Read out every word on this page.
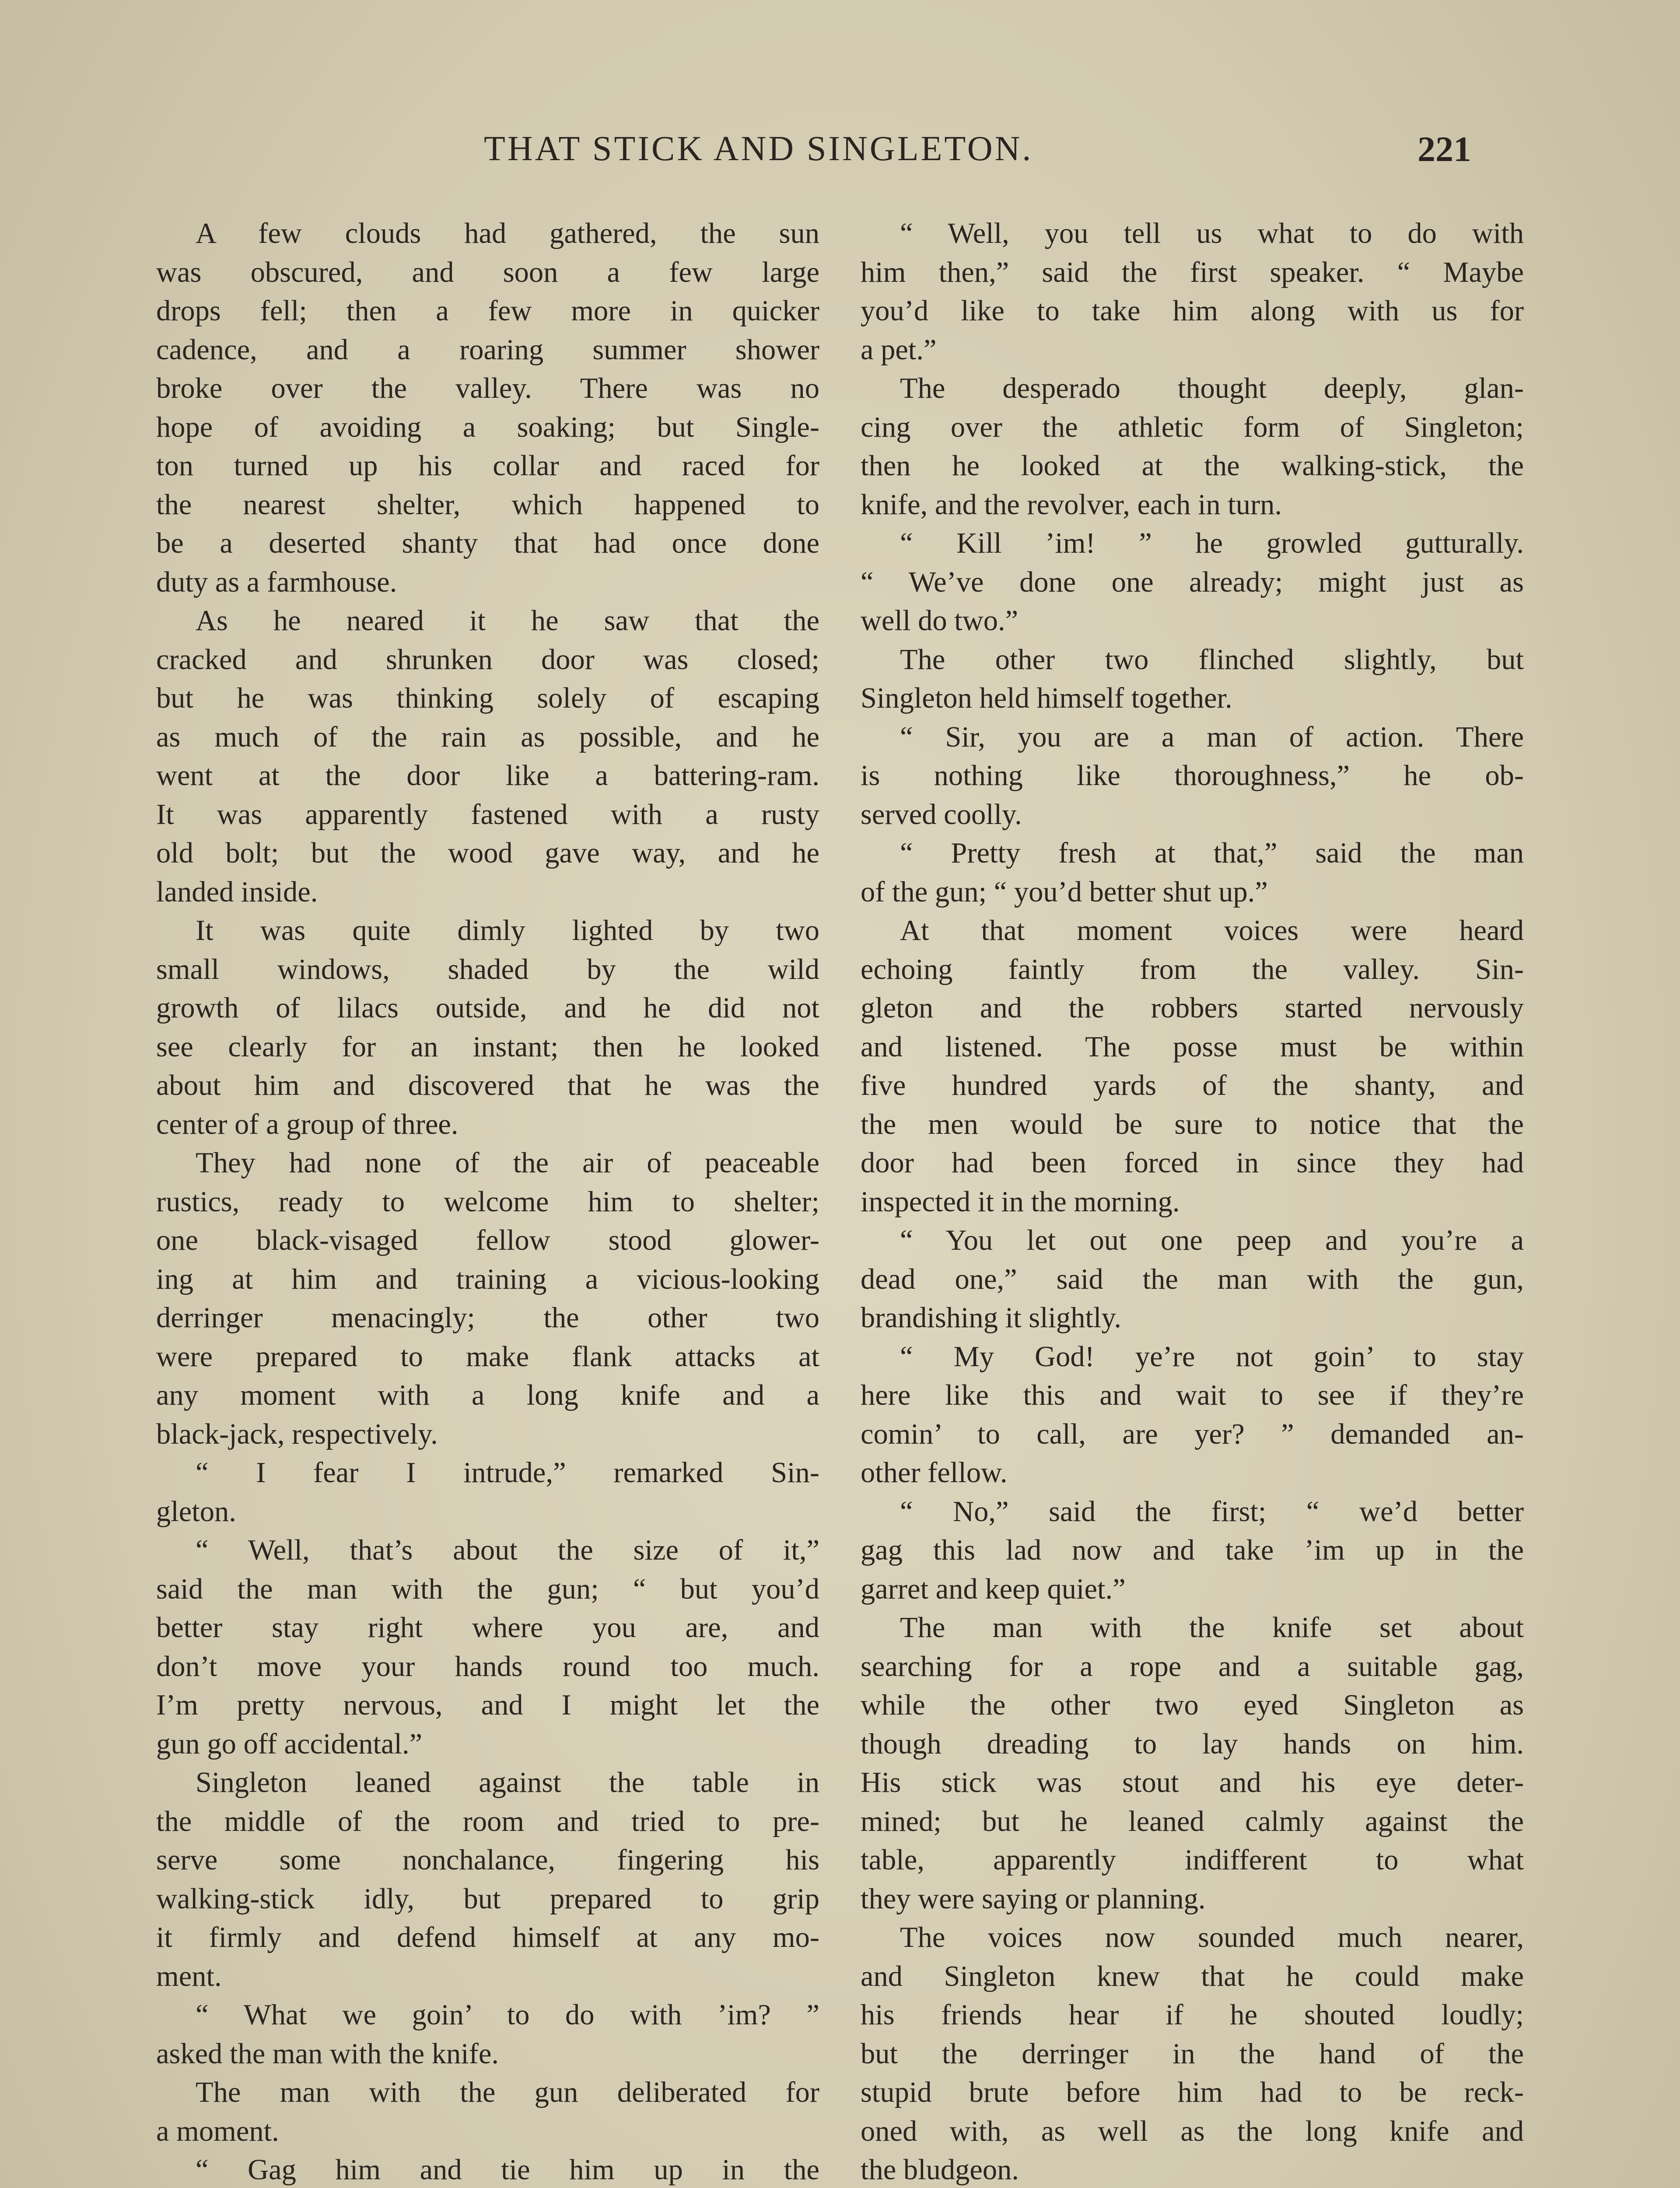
THAT STICK AND SINGLETON.	221
A few clouds had gathered, the sun
was obscured, and soon a few large
drops fell; then a few more in quicker
cadence, and a roaring summer shower
broke over the valley. There was no
hope of avoiding a soaking; but Single-
ton turned up his collar and raced for
the nearest shelter, which happened to
be a deserted shanty that had once done
duty as a farmhouse.
As he neared it he saw that the
cracked and shrunken door was closed;
but he was thinking solely of escaping
as much of the rain as possible, and he
went at the door like a battering-ram.
It was apparently fastened with a rusty
old bolt; but the wood gave way, and he
landed inside.
It was quite dimly lighted by two
small windows, shaded by the wild
growth of lilacs outside, and he did not
see clearly for an instant; then he looked
about him and discovered that he was the
center of a group of three.
They had none of the air of peaceable
rustics, ready to welcome him to shelter;
one black-visaged fellow stood glower-
ing at him and training a vicious-looking
derringer menacingly; the other two
were prepared to make flank attacks at
any moment with a long knife and a
black-jack, respectively.
“ I fear I intrude,” remarked Sin-
gleton.
“ Well, that’s about the size of it,”
said the man with the gun; “ but you’d
better stay right where you are, and
don’t move your hands round too much.
I’m pretty nervous, and I might let the
gun go off accidental.”
Singleton leaned against the table in
the middle of the room and tried to pre-
serve some nonchalance, fingering his
walking-stick idly, but prepared to grip
it firmly and defend himself at any mo-
ment.
“ What we goin’ to do with ’im? ”
asked the man with the knife.
The man with the gun deliberated for
a moment.
“ Gag him and tie him up in the
“ Well, you tell us what to do with
him then,” said the first speaker. “ Maybe
you’d like to take him along with us for
a pet.”
The desperado thought deeply, glan-
cing over the athletic form of Singleton;
then he looked at the walking-stick, the
knife, and the revolver, each in turn.
“ Kill ’im! ” he growled gutturally.
“ We’ve done one already; might just as
well do two.”
The other two flinched slightly, but
Singleton held himself together.
“ Sir, you are a man of action. There
is nothing like thoroughness,” he ob-
served coolly.
“ Pretty fresh at that,” said the man
of the gun; “ you’d better shut up.”
At that moment voices were heard
echoing faintly from the valley. Sin-
gleton and the robbers started nervously
and listened. The posse must be within
five hundred yards of the shanty, and
the men would be sure to notice that the
door had been forced in since they had
inspected it in the morning.
“ You let out one peep and you’re a
dead one,” said the man with the gun,
brandishing it slightly.
“ My God! ye’re not goin’ to stay
here like this and wait to see if they’re
comin’ to call, are yer? ” demanded an-
other fellow.
“ No,” said the first; “ we’d better
gag this lad now and take ’im up in the
garret and keep quiet.”
The man with the knife set about
searching for a rope and a suitable gag,
while the other two eyed Singleton as
though dreading to lay hands on him.
His stick was stout and his eye deter-
mined; but he leaned calmly against the
table, apparently indifferent to what
they were saying or planning.
The voices now sounded much nearer,
and Singleton knew that he could make
his friends hear if he shouted loudly;
but the derringer in the hand of the
stupid brute before him had to be reck-
oned with, as well as the long knife and
the bludgeon.
